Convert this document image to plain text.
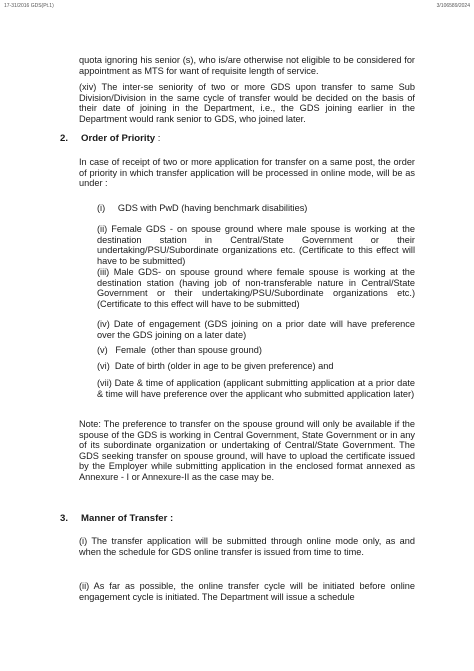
17-31/2016 GDS(Pt.1)	3/106589/2024

quota ignoring his senior (s), who is/are otherwise not eligible to be considered for appointment as MTS for want of requisite length of service.

(xiv) The inter-se seniority of two or more GDS upon transfer to same Sub Division/Division in the same cycle of transfer would be decided on the basis of their date of joining in the Department, i.e., the GDS joining earlier in the Department would rank senior to GDS, who joined later.

2. Order of Priority :

In case of receipt of two or more application for transfer on a same post, the order of priority in which transfer application will be processed in online mode, will be as under :

(i)     GDS with PwD (having benchmark disabilities)

(ii) Female GDS - on spouse ground where male spouse is working at the destination station in Central/State Government or their undertaking/PSU/Subordinate organizations etc. (Certificate to this effect will have to be submitted)

(iii) Male GDS- on spouse ground where female spouse is working at the destination station (having job of non-transferable nature in Central/State Government or their undertaking/PSU/Subordinate organizations etc.) (Certificate to this effect will have to be submitted)

(iv) Date of engagement (GDS joining on a prior date will have preference over the GDS joining on a later date)

(v)   Female  (other than spouse ground)

(vi)  Date of birth (older in age to be given preference) and

(vii) Date & time of application (applicant submitting application at a prior date & time will have preference over the applicant who submitted application later)

Note: The preference to transfer on the spouse ground will only be available if the spouse of the GDS is working in Central Government, State Government or in any of its subordinate organization or undertaking of Central/State Government. The GDS seeking transfer on spouse ground, will have to upload the certificate issued by the Employer while submitting application in the enclosed format annexed as Annexure - I or Annexure-II as the case may be.

3. Manner of Transfer :

(i) The transfer application will be submitted through online mode only, as and when the schedule for GDS online transfer is issued from time to time.

(ii) As far as possible, the online transfer cycle will be initiated before online engagement cycle is initiated. The Department will issue a schedule
